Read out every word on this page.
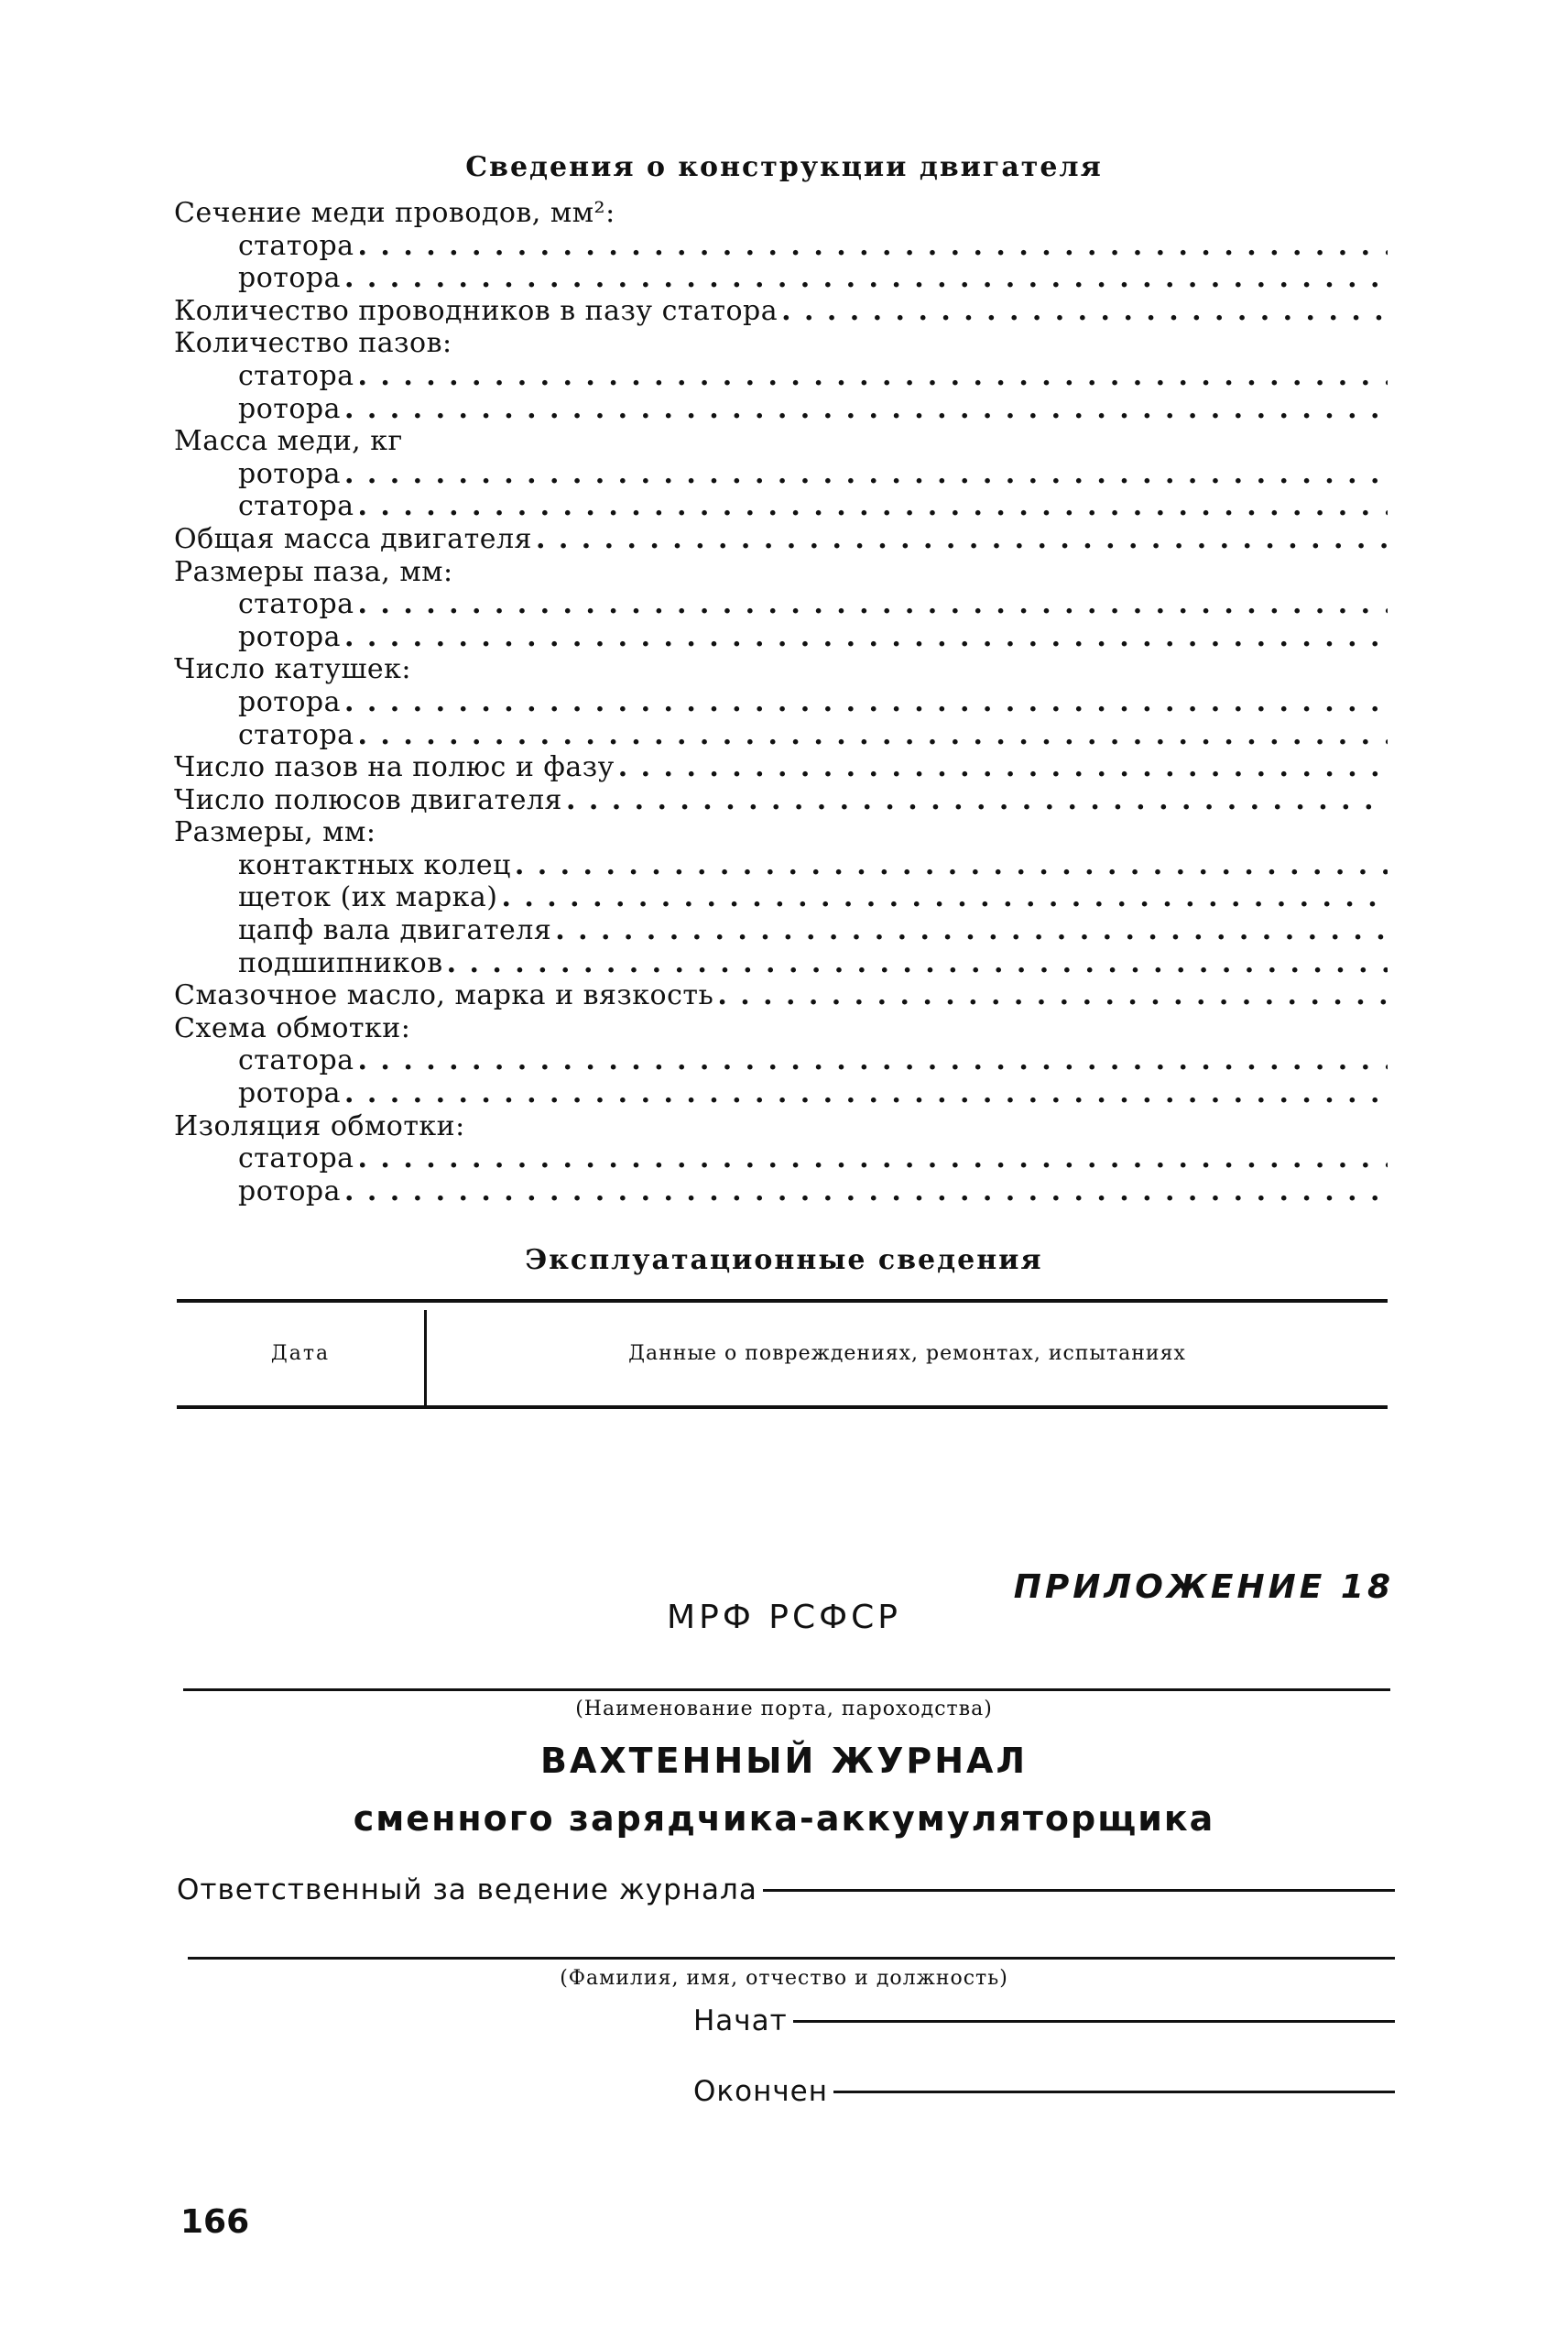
Сведения о конструкции двигателя
Сечение меди проводов, мм²:
статора
. . .
ротора
. . .
Количество проводников в пазу статора
. . .
Количество пазов:
статора
. . .
ротора
. . .
Масса меди, кг
ротора
. . .
статора
. . .
Общая масса двигателя
. . .
Размеры паза, мм:
статора
. . .
ротора
. . .
Число катушек:
ротора
. . .
статора
. . .
Число пазов на полюс и фазу
. . .
Число полюсов двигателя
. . .
Размеры, мм:
контактных колец
. . .
щеток (их марка)
. . .
цапф вала двигателя
. . .
подшипников
. . .
Смазочное масло, марка и вязкость
. . .
Схема обмотки:
статора
. . .
ротора
. . .
Изоляция обмотки:
статора
. . .
ротора
. . .
Эксплуатационные сведения
Дата	Данные о повреждениях, ремонтах, испытаниях
ПРИЛОЖЕНИЕ 18
МРФ РСФСР
(Наименование порта, пароходства)
ВАХТЕННЫЙ ЖУРНАЛ
сменного зарядчика-аккумуляторщика
Ответственный за ведение журнала
(Фамилия, имя, отчество и должность)
Начат
Окончен
166
